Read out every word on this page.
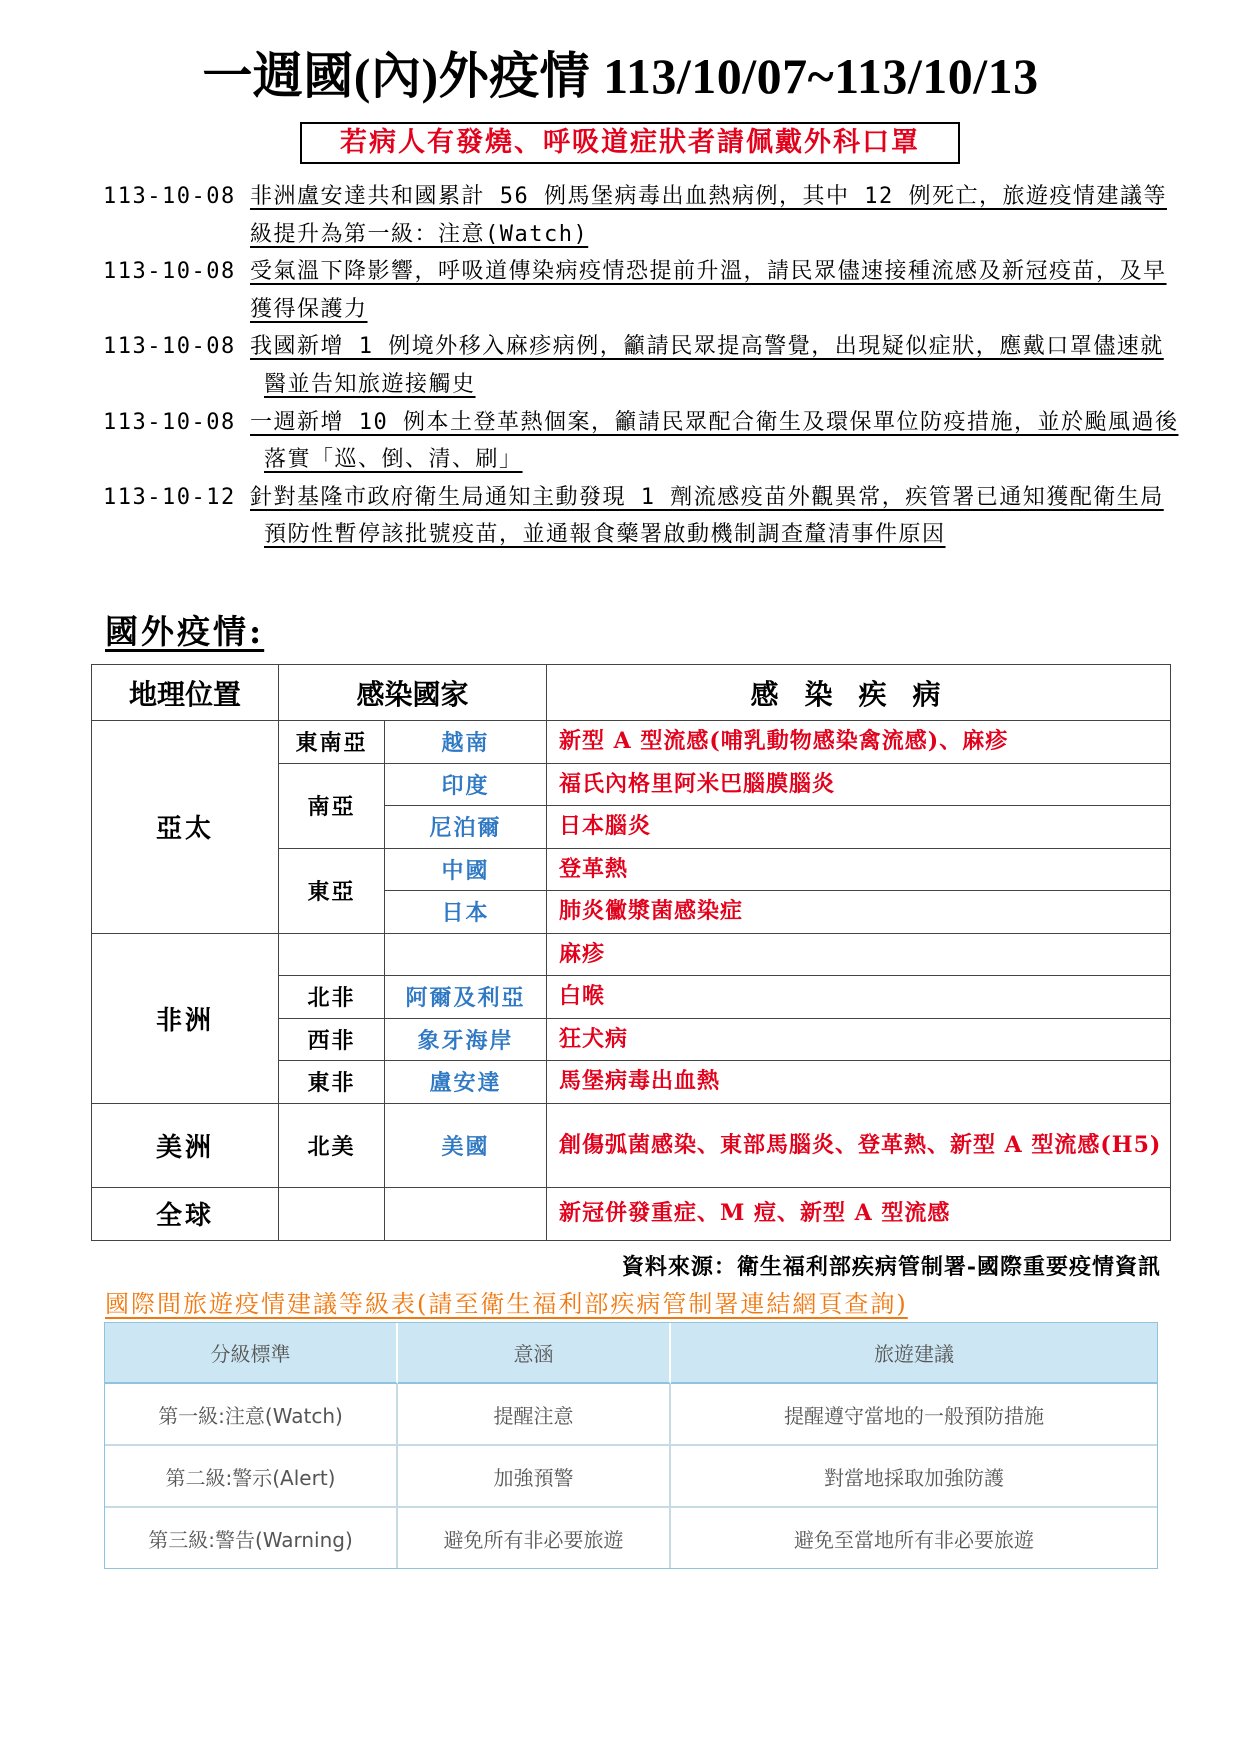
一週國(內)外疫情 113/10/07~113/10/13
若病人有發燒、呼吸道症狀者請佩戴外科口罩
113-10-08 非洲盧安達共和國累計 56 例馬堡病毒出血熱病例，其中 12 例死亡，旅遊疫情建議等級提升為第一級：注意(Watch)
113-10-08 受氣溫下降影響，呼吸道傳染病疫情恐提前升溫，請民眾儘速接種流感及新冠疫苗，及早獲得保護力
113-10-08 我國新增 1 例境外移入麻疹病例，籲請民眾提高警覺，出現疑似症狀，應戴口罩儘速就醫並告知旅遊接觸史
113-10-08 一週新增 10 例本土登革熱個案，籲請民眾配合衛生及環保單位防疫措施，並於颱風過後落實「巡、倒、清、刷」
113-10-12 針對基隆市政府衛生局通知主動發現 1 劑流感疫苗外觀異常，疾管署已通知獲配衛生局預防性暫停該批號疫苗，並通報食藥署啟動機制調查釐清事件原因
國外疫情:
地理位置	感染國家		感染疾病
亞太	東南亞	越南	新型 A 型流感(哺乳動物感染禽流感)、麻疹
	南亞	印度	福氏內格里阿米巴腦膜腦炎
		尼泊爾	日本腦炎
	東亞	中國	登革熱
		日本	肺炎黴漿菌感染症
非洲			麻疹
	北非	阿爾及利亞	白喉
	西非	象牙海岸	狂犬病
	東非	盧安達	馬堡病毒出血熱
美洲	北美	美國	創傷弧菌感染、東部馬腦炎、登革熱、新型 A 型流感(H5)
全球			新冠併發重症、M 痘、新型 A 型流感
資料來源：衛生福利部疾病管制署-國際重要疫情資訊
國際間旅遊疫情建議等級表(請至衛生福利部疾病管制署連結網頁查詢)
分級標準	意涵	旅遊建議
第一級:注意(Watch)	提醒注意	提醒遵守當地的一般預防措施
第二級:警示(Alert)	加強預警	對當地採取加強防護
第三級:警告(Warning)	避免所有非必要旅遊	避免至當地所有非必要旅遊
